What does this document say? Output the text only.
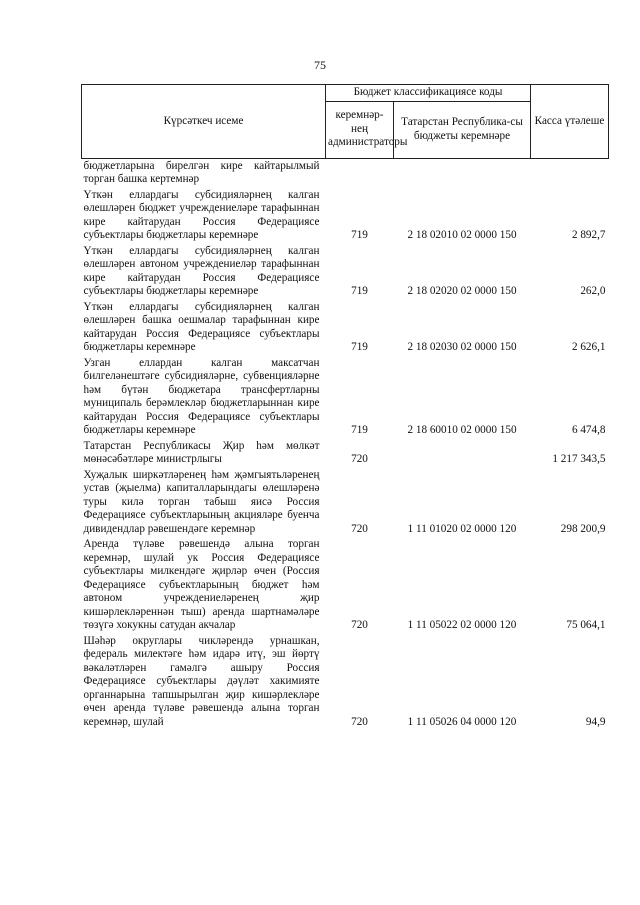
75
Күрсәткеч исеме	Бюджет классификациясе коды		Касса үтәлеше
	керемнәр-нең администраторы	Татарстан Республика-сы бюджеты керемнәре	
бюджетларына бирелгән кире кайтарылмый торган башка кертемнәр			
Үткән еллардагы субсидияләрнең калган өлешләрен бюджет учреждениеләре тарафыннан кире кайтарудан Россия Федерациясе субъектлары бюджетлары керемнәре	719	2 18 02010 02 0000 150	2 892,7
Үткән еллардагы субсидияләрнең калган өлешләрен автоном учреждениеләр тарафыннан кире кайтарудан Россия Федерациясе субъектлары бюджетлары керемнәре	719	2 18 02020 02 0000 150	262,0
Үткән еллардагы субсидияләрнең калган өлешләрен башка оешмалар тарафыннан кире кайтарудан Россия Федерациясе субъектлары бюджетлары керемнәре	719	2 18 02030 02 0000 150	2 626,1
Узган еллардан калган максатчан билгеләнештәге субсидияләрне, субвенцияләрне һәм бүтән бюджетара трансфертларны муниципаль берәмлекләр бюджетларыннан кире кайтарудан Россия Федерациясе субъектлары бюджетлары керемнәре	719	2 18 60010 02 0000 150	6 474,8
Татарстан Республикасы Җир һәм мөлкәт мөнәсәбәтләре министрлыгы	720		1 217 343,5
Хуҗалык ширкәтләренең һәм җәмгыятьләренең устав (җыелма) капиталларындагы өлешләренә туры килә торган табыш яисә Россия Федерациясе субъектларының акцияләре буенча дивидендлар рәвешендәге керемнәр	720	1 11 01020 02 0000 120	298 200,9
Аренда түләве рәвешендә алына торган керемнәр, шулай ук Россия Федерациясе субъектлары милкендәге җирләр өчен (Россия Федерациясе субъектларының бюджет һәм автоном учреждениеләренең җир кишәрлекләреннән тыш) аренда шартнамәләре төзүгә хокукны сатудан акчалар	720	1 11 05022 02 0000 120	75 064,1
Шәһәр округлары чикләрендә урнашкан, федераль милектәге һәм идарә итү, эш йөртү вәкаләтләрен гамәлгә ашыру Россия Федерациясе субъектлары дәүләт хакимияте органнарына тапшырылган җир кишәрлекләре өчен аренда түләве рәвешендә алына торган керемнәр, шулай	720	1 11 05026 04 0000 120	94,9
